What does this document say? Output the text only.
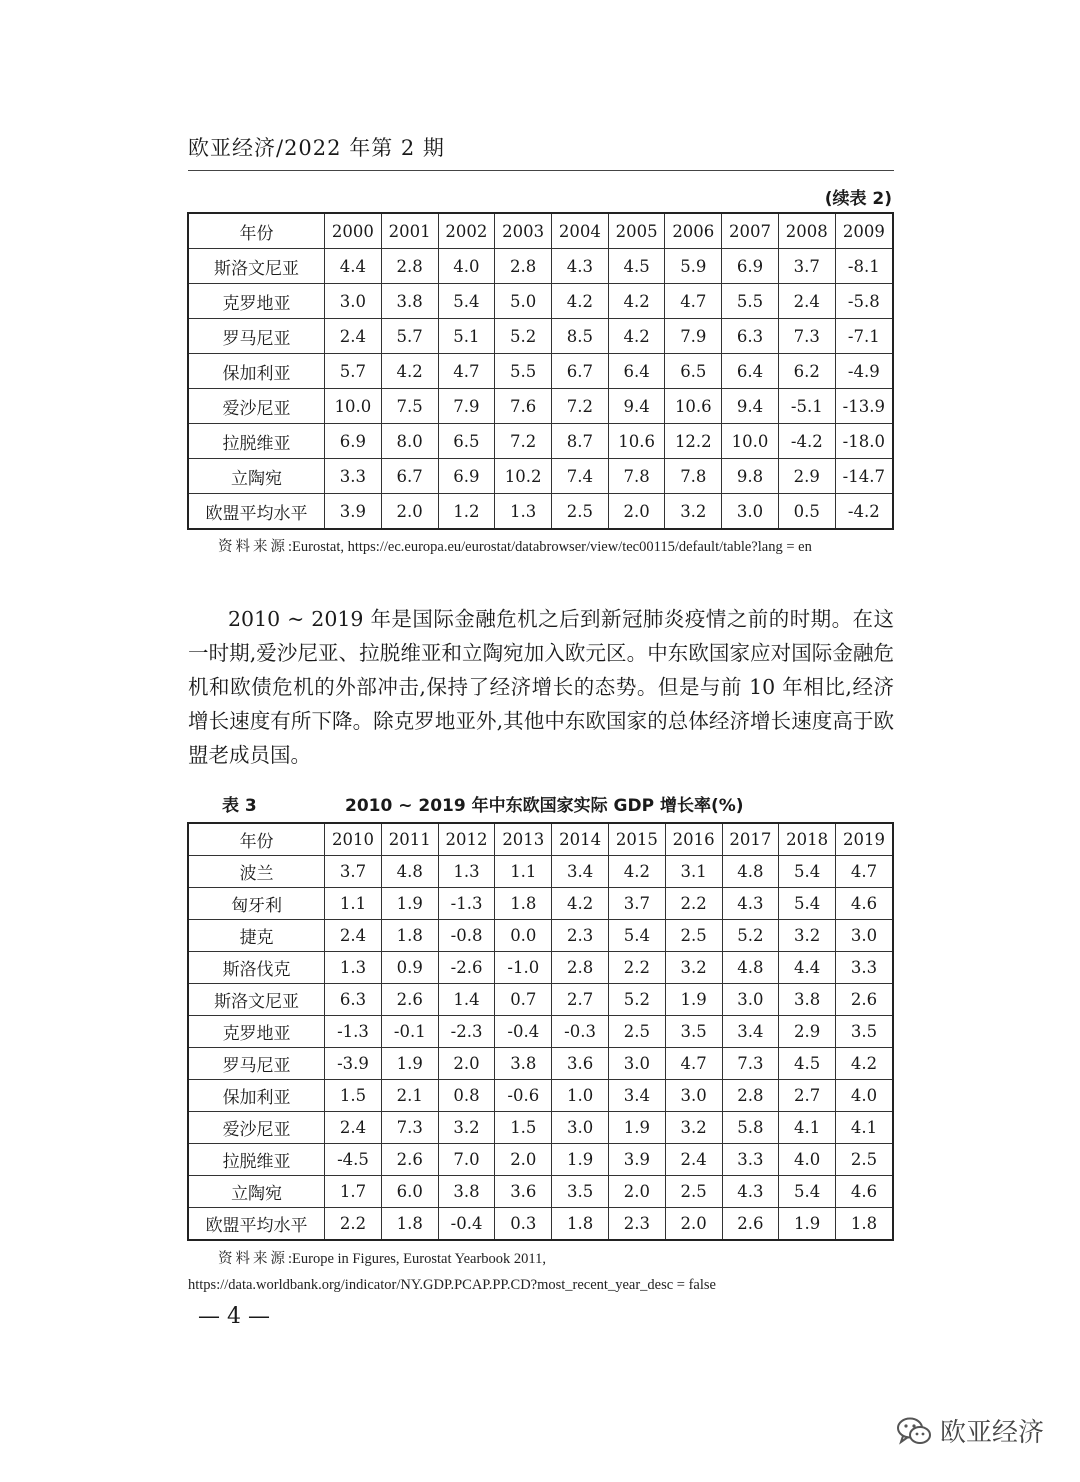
欧亚经济/2022 年第 2 期
(续表 2)
年份	2000	2001	2002	2003	2004	2005	2006	2007	2008	2009
斯洛文尼亚	4.4	2.8	4.0	2.8	4.3	4.5	5.9	6.9	3.7	-8.1
克罗地亚	3.0	3.8	5.4	5.0	4.2	4.2	4.7	5.5	2.4	-5.8
罗马尼亚	2.4	5.7	5.1	5.2	8.5	4.2	7.9	6.3	7.3	-7.1
保加利亚	5.7	4.2	4.7	5.5	6.7	6.4	6.5	6.4	6.2	-4.9
爱沙尼亚	10.0	7.5	7.9	7.6	7.2	9.4	10.6	9.4	-5.1	-13.9
拉脱维亚	6.9	8.0	6.5	7.2	8.7	10.6	12.2	10.0	-4.2	-18.0
立陶宛	3.3	6.7	6.9	10.2	7.4	7.8	7.8	9.8	2.9	-14.7
欧盟平均水平	3.9	2.0	1.2	1.3	2.5	2.0	3.2	3.0	0.5	-4.2
资料来源:Eurostat, https://ec.europa.eu/eurostat/databrowser/view/tec00115/default/table?lang = en
2010 ~ 2019 年是国际金融危机之后到新冠肺炎疫情之前的时期。在这一时期,爱沙尼亚、拉脱维亚和立陶宛加入欧元区。中东欧国家应对国际金融危机和欧债危机的外部冲击,保持了经济增长的态势。但是与前 10 年相比,经济增长速度有所下降。除克罗地亚外,其他中东欧国家的总体经济增长速度高于欧盟老成员国。
表 3	2010 ~ 2019 年中东欧国家实际 GDP 增长率(%)
年份	2010	2011	2012	2013	2014	2015	2016	2017	2018	2019
波兰	3.7	4.8	1.3	1.1	3.4	4.2	3.1	4.8	5.4	4.7
匈牙利	1.1	1.9	-1.3	1.8	4.2	3.7	2.2	4.3	5.4	4.6
捷克	2.4	1.8	-0.8	0.0	2.3	5.4	2.5	5.2	3.2	3.0
斯洛伐克	1.3	0.9	-2.6	-1.0	2.8	2.2	3.2	4.8	4.4	3.3
斯洛文尼亚	6.3	2.6	1.4	0.7	2.7	5.2	1.9	3.0	3.8	2.6
克罗地亚	-1.3	-0.1	-2.3	-0.4	-0.3	2.5	3.5	3.4	2.9	3.5
罗马尼亚	-3.9	1.9	2.0	3.8	3.6	3.0	4.7	7.3	4.5	4.2
保加利亚	1.5	2.1	0.8	-0.6	1.0	3.4	3.0	2.8	2.7	4.0
爱沙尼亚	2.4	7.3	3.2	1.5	3.0	1.9	3.2	5.8	4.1	4.1
拉脱维亚	-4.5	2.6	7.0	2.0	1.9	3.9	2.4	3.3	4.0	2.5
立陶宛	1.7	6.0	3.8	3.6	3.5	2.0	2.5	4.3	5.4	4.6
欧盟平均水平	2.2	1.8	-0.4	0.3	1.8	2.3	2.0	2.6	1.9	1.8
资料来源:Europe in Figures, Eurostat Yearbook 2011, https://data.worldbank.org/indicator/NY.GDP.PCAP.PP.CD?most_recent_year_desc = false
— 4 —
欧亚经济
